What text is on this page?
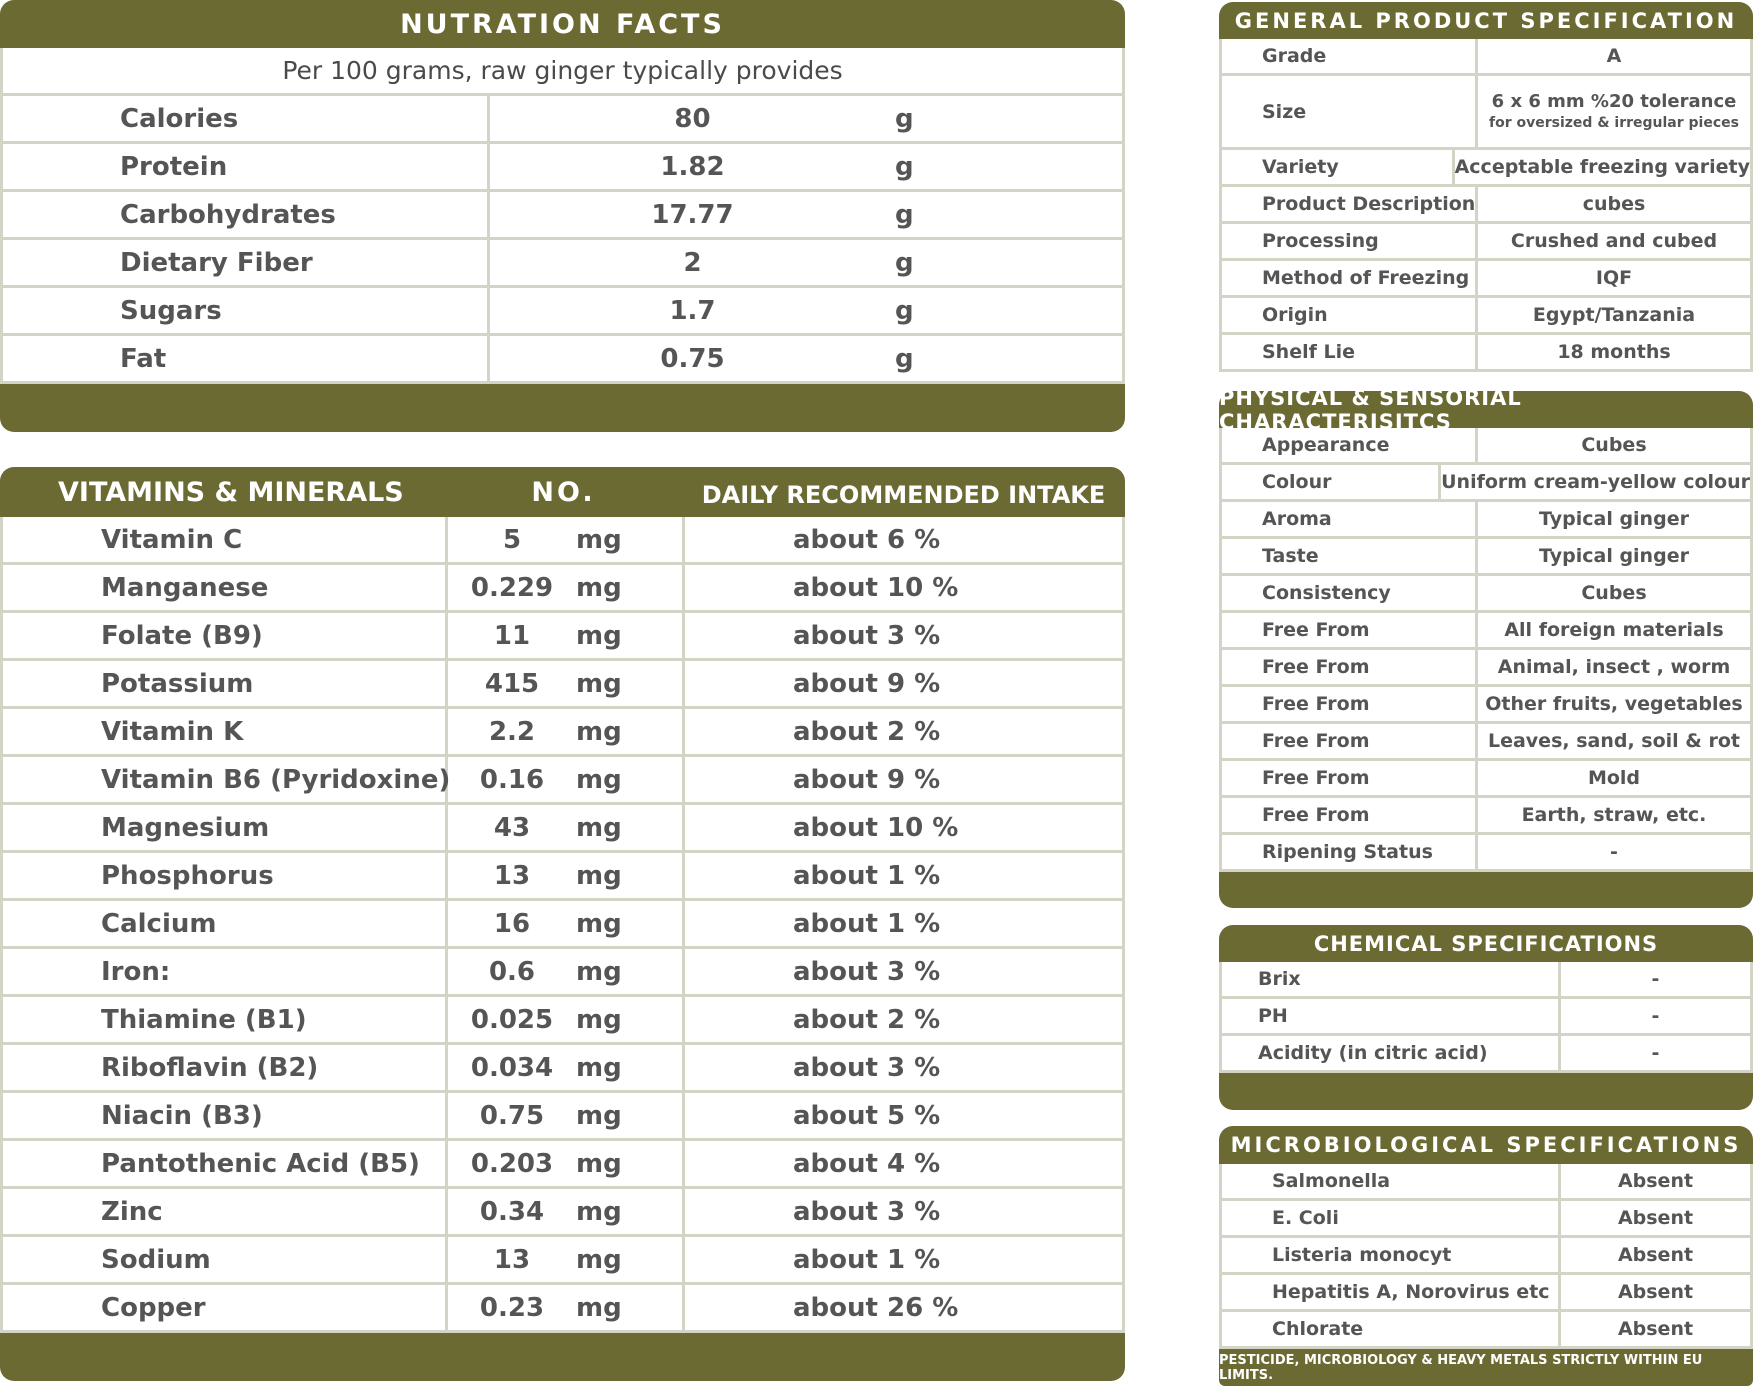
NUTRATION FACTS
Per 100 grams, raw ginger typically provides
Calories	80	g
Protein	1.82	g
Carbohydrates	17.77	g
Dietary Fiber	2	g
Sugars	1.7	g
Fat	0.75	g
VITAMINS & MINERALS	NO.	DAILY RECOMMENDED INTAKE
Vitamin C	5	mg	about 6 %
Manganese	0.229 mg	about 10 %
Folate (B9)	11	mg	about 3 %
Potassium	415	mg	about 9 %
Vitamin K	2.2	mg	about 2 %
Vitamin B6 (Pyridoxine)	0.16	mg	about 9 %
Magnesium	43	mg	about 10 %
Phosphorus	13	mg	about 1 %
Calcium	16	mg	about 1 %
Iron:	0.6	mg	about 3 %
Thiamine (B1)	0.025 mg	about 2 %
Riboflavin (B2)	0.034 mg	about 3 %
Niacin (B3)	0.75	mg	about 5 %
Pantothenic Acid (B5)	0.203 mg	about 4 %
Zinc	0.34	mg	about 3 %
Sodium	13	mg	about 1 %
Copper	0.23	mg	about 26 %
GENERAL PRODUCT SPECIFICATION
Grade	A
Size	6 x 6 mm %20 tolerance
for oversized & irregular pieces
Variety	Acceptable freezing variety
Product Description	cubes
Processing	Crushed and cubed
Method of Freezing	IQF
Origin	Egypt/Tanzania
Shelf Lie	18 months
PHYSICAL & SENSORIAL CHARACTERISITCS
Appearance	Cubes
Colour	Uniform cream-yellow colour
Aroma	Typical ginger
Taste	Typical ginger
Consistency	Cubes
Free From	All foreign materials
Free From	Animal, insect , worm
Free From	Other fruits, vegetables
Free From	Leaves, sand, soil & rot
Free From	Mold
Free From	Earth, straw, etc.
Ripening Status	-
CHEMICAL SPECIFICATIONS
Brix	-
PH	-
Acidity (in citric acid)	-
MICROBIOLOGICAL SPECIFICATIONS
Salmonella	Absent
E. Coli	Absent
Listeria monocyt	Absent
Hepatitis A, Norovirus etc	Absent
Chlorate	Absent
PESTICIDE, MICROBIOLOGY & HEAVY METALS STRICTLY WITHIN EU LIMITS.
